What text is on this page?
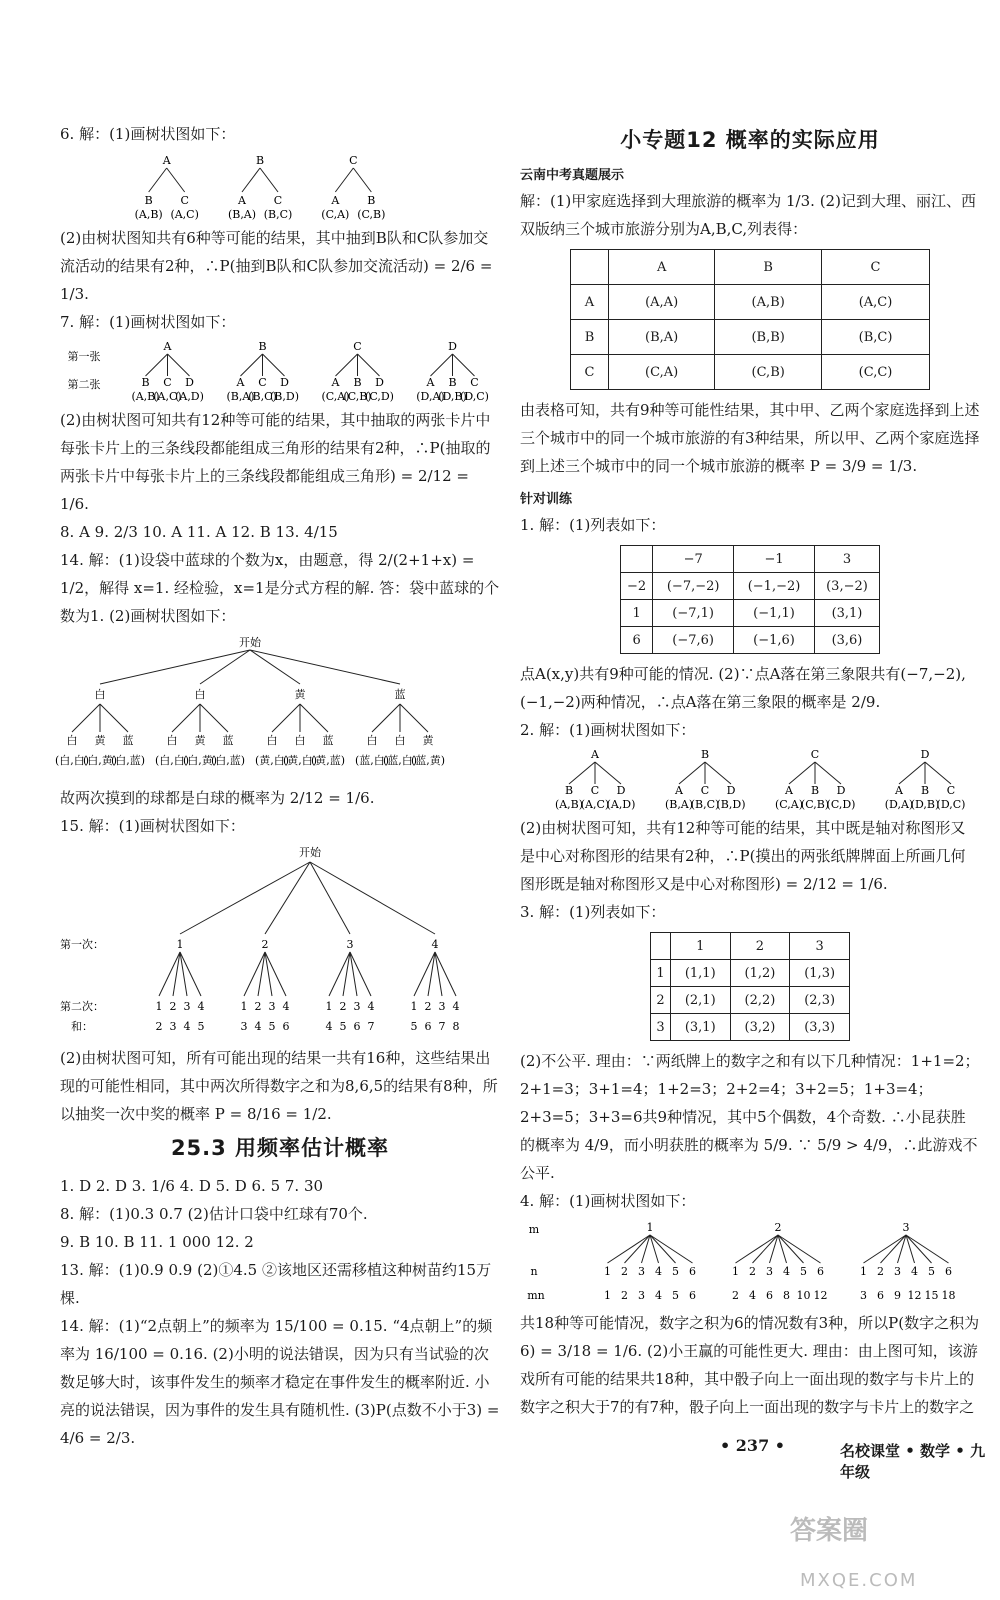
6. 解：(1)画树状图如下：

A
B
(A,B)
C
(A,C)
B
A
(B,A)
C
(B,C)
C
A
(C,A)
B
(C,B)

(2)由树状图知共有6种等可能的结果，其中抽到B队和C队参加交流活动的结果有2种，∴P(抽到B队和C队参加交流活动) = 2/6 = 1/3.

7. 解：(1)画树状图如下：

第一张
第二张
A
B
(A,B)
C
(A,C)
D
(A,D)
B
A
(B,A)
C
(B,C)
D
(B,D)
C
A
(C,A)
B
(C,B)
D
(C,D)
D
A
(D,A)
B
(D,B)
C
(D,C)

(2)由树状图可知共有12种等可能的结果，其中抽取的两张卡片中每张卡片上的三条线段都能组成三角形的结果有2种，∴P(抽取的两张卡片中每张卡片上的三条线段都能组成三角形) = 2/12 = 1/6.

8. A 9. 2/3 10. A 11. A 12. B 13. 4/15

14. 解：(1)设袋中蓝球的个数为x，由题意，得 2/(2+1+x) = 1/2，解得 x=1. 经检验，x=1是分式方程的解. 答：袋中蓝球的个数为1. (2)画树状图如下：

开始
白
白
(白,白)
黄
(白,黄)
蓝
(白,蓝)
白
白
(白,白)
黄
(白,黄)
蓝
(白,蓝)
黄
白
(黄,白)
白
(黄,白)
蓝
(黄,蓝)
蓝
白
(蓝,白)
白
(蓝,白)
黄
(蓝,黄)

故两次摸到的球都是白球的概率为 2/12 = 1/6.

15. 解：(1)画树状图如下：

开始
第一次：
第二次：
和：
1
1
2
2
3
3
4
4
5
2
1
3
2
4
3
5
4
6
3
1
4
2
5
3
6
4
7
4
1
5
2
6
3
7
4
8

(2)由树状图可知，所有可能出现的结果一共有16种，这些结果出现的可能性相同，其中两次所得数字之和为8,6,5的结果有8种，所以抽奖一次中奖的概率 P = 8/16 = 1/2.

25.3 用频率估计概率

1. D 2. D 3. 1/6 4. D 5. D 6. 5 7. 30

8. 解：(1)0.3 0.7 (2)估计口袋中红球有70个.

9. B 10. B 11. 1 000 12. 2

13. 解：(1)0.9 0.9 (2)①4.5 ②该地区还需移植这种树苗约15万棵.

14. 解：(1)“2点朝上”的频率为 15/100 = 0.15. “4点朝上”的频率为 16/100 = 0.16. (2)小明的说法错误，因为只有当试验的次数足够大时，该事件发生的频率才稳定在事件发生的概率附近. 小亮的说法错误，因为事件的发生具有随机性. (3)P(点数不小于3) = 4/6 = 2/3.

小专题12 概率的实际应用
云南中考真题展示

解：(1)甲家庭选择到大理旅游的概率为 1/3. (2)记到大理、丽江、西双版纳三个城市旅游分别为A,B,C,列表得：

	A	B	C
A	(A,A)	(A,B)	(A,C)
B	(B,A)	(B,B)	(B,C)
C	(C,A)	(C,B)	(C,C)

由表格可知，共有9种等可能性结果，其中甲、乙两个家庭选择到上述三个城市中的同一个城市旅游的有3种结果，所以甲、乙两个家庭选择到上述三个城市中的同一个城市旅游的概率 P = 3/9 = 1/3.

针对训练

1. 解：(1)列表如下：

	−7	−1	3
−2	(−7,−2)	(−1,−2)	(3,−2)
1	(−7,1)	(−1,1)	(3,1)
6	(−7,6)	(−1,6)	(3,6)

点A(x,y)共有9种可能的情况. (2)∵点A落在第三象限共有(−7,−2),(−1,−2)两种情况，∴点A落在第三象限的概率是 2/9.

2. 解：(1)画树状图如下：

A
B
(A,B)
C
(A,C)
D
(A,D)
B
A
(B,A)
C
(B,C)
D
(B,D)
C
A
(C,A)
B
(C,B)
D
(C,D)
D
A
(D,A)
B
(D,B)
C
(D,C)

(2)由树状图可知，共有12种等可能的结果，其中既是轴对称图形又是中心对称图形的结果有2种，∴P(摸出的两张纸牌牌面上所画几何图形既是轴对称图形又是中心对称图形) = 2/12 = 1/6.

3. 解：(1)列表如下：

	1	2	3
1	(1,1)	(1,2)	(1,3)
2	(2,1)	(2,2)	(2,3)
3	(3,1)	(3,2)	(3,3)

(2)不公平. 理由：∵两纸牌上的数字之和有以下几种情况：1+1=2；2+1=3；3+1=4；1+2=3；2+2=4；3+2=5；1+3=4；2+3=5；3+3=6共9种情况，其中5个偶数，4个奇数. ∴小昆获胜的概率为 4/9，而小明获胜的概率为 5/9. ∵ 5/9 > 4/9，∴此游戏不公平.

4. 解：(1)画树状图如下：

m
n
mn
1
1
1
2
2
3
3
4
4
5
5
6
6
2
1
2
2
4
3
6
4
8
5
10
6
12
3
1
3
2
6
3
9
4
12
5
15
6
18

共18种等可能情况，数字之积为6的情况数有3种，所以P(数字之积为6) = 3/18 = 1/6. (2)小王赢的可能性更大. 理由：由上图可知，该游戏所有可能的结果共18种，其中骰子向上一面出现的数字与卡片上的数字之积大于7的有7种，骰子向上一面出现的数字与卡片上的数字之

• 237 •	名校课堂 • 数学 • 九年级
答案圈
MXQE.COM
